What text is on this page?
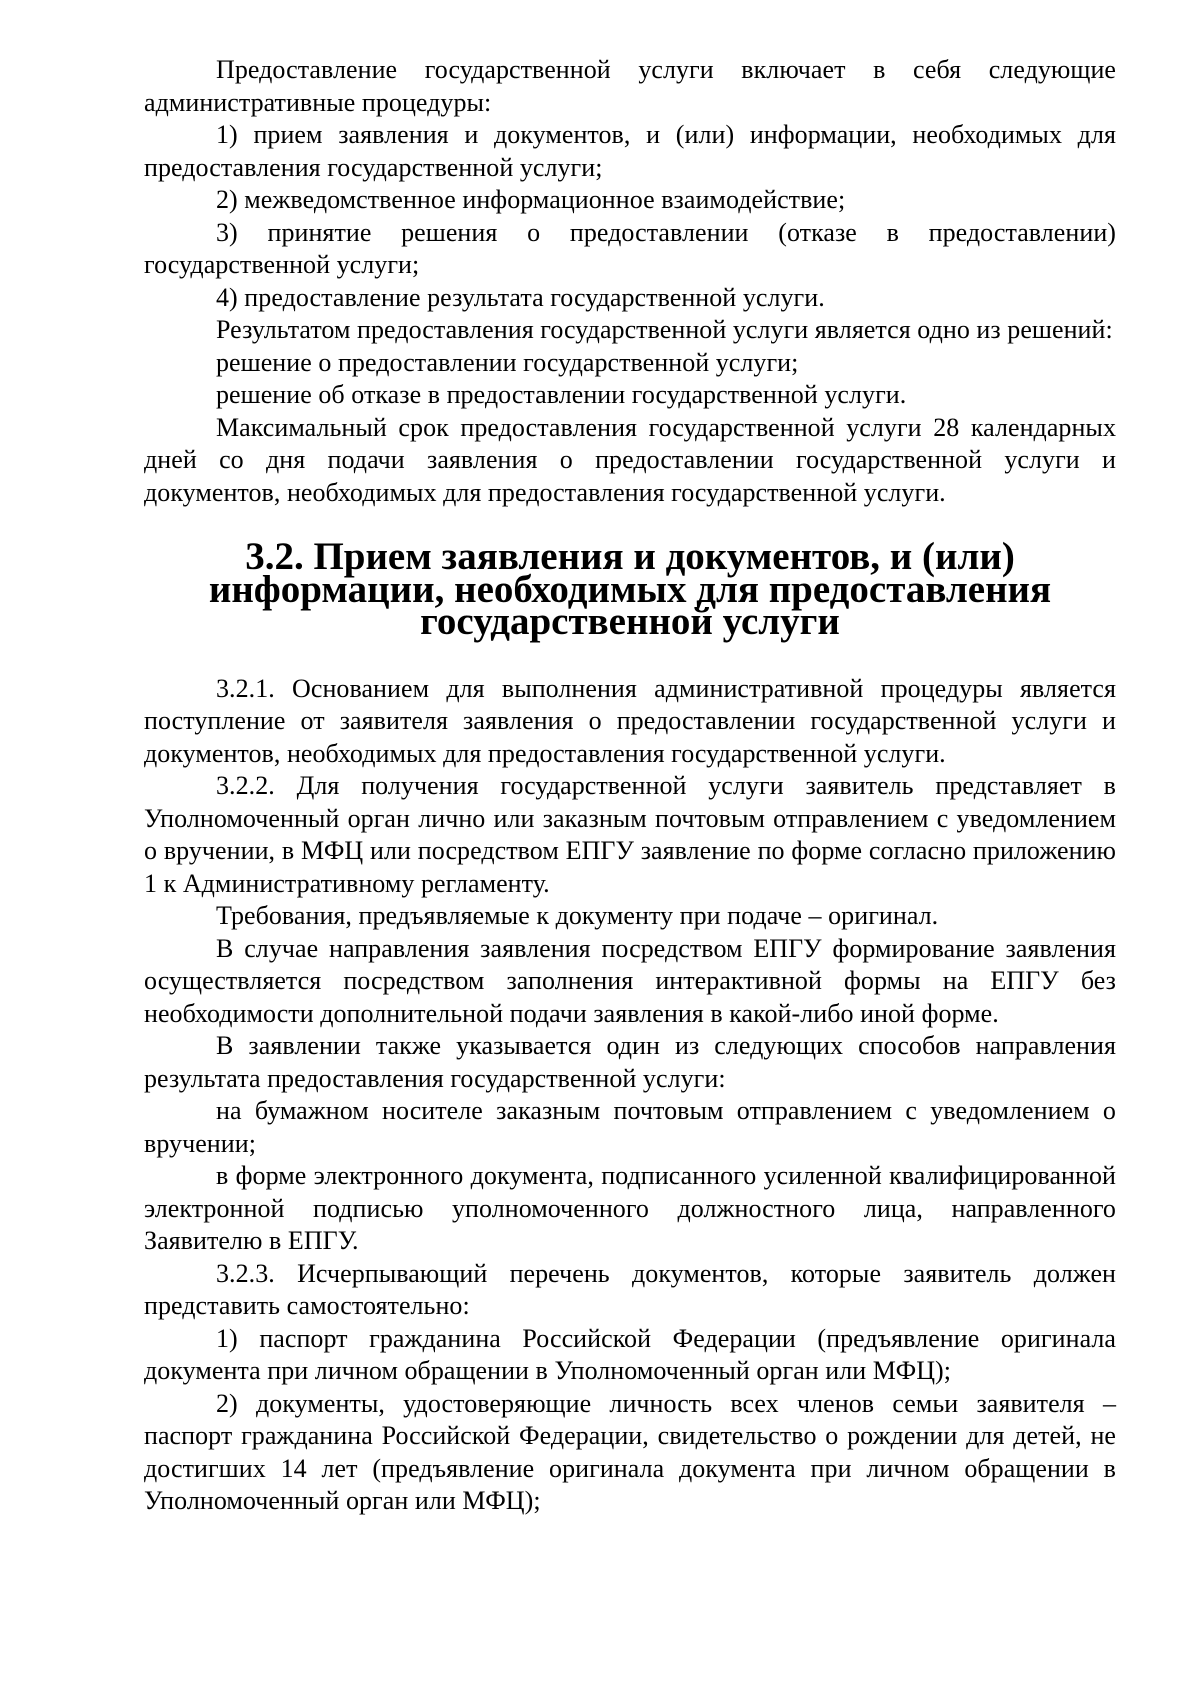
Предоставление государственной услуги включает в себя следующие административные процедуры:

1) прием заявления и документов, и (или) информации, необходимых для предоставления государственной услуги;

2) межведомственное информационное взаимодействие;

3) принятие решения о предоставлении (отказе в предоставлении) государственной услуги;

4) предоставление результата государственной услуги.

Результатом предоставления государственной услуги является одно из решений:

решение о предоставлении государственной услуги;

решение об отказе в предоставлении государственной услуги.

Максимальный срок предоставления государственной услуги 28 календарных дней со дня подачи заявления о предоставлении государственной услуги и документов, необходимых для предоставления государственной услуги.

3.2. Прием заявления и документов, и (или) информации, необходимых для предоставления государственной услуги

3.2.1. Основанием для выполнения административной процедуры является поступление от заявителя заявления о предоставлении государственной услуги и документов, необходимых для предоставления государственной услуги.

3.2.2. Для получения государственной услуги заявитель представляет в Уполномоченный орган лично или заказным почтовым отправлением с уведомлением о вручении, в МФЦ или посредством ЕПГУ заявление по форме согласно приложению 1 к Административному регламенту.

Требования, предъявляемые к документу при подаче – оригинал.

В случае направления заявления посредством ЕПГУ формирование заявления осуществляется посредством заполнения интерактивной формы на ЕПГУ без необходимости дополнительной подачи заявления в какой-либо иной форме.

В заявлении также указывается один из следующих способов направления результата предоставления государственной услуги:

на бумажном носителе заказным почтовым отправлением с уведомлением о вручении;

в форме электронного документа, подписанного усиленной квалифицированной электронной подписью уполномоченного должностного лица, направленного Заявителю в ЕПГУ.

3.2.3. Исчерпывающий перечень документов, которые заявитель должен представить самостоятельно:

1) паспорт гражданина Российской Федерации (предъявление оригинала документа при личном обращении в Уполномоченный орган или МФЦ);

2) документы, удостоверяющие личность всех членов семьи заявителя – паспорт гражданина Российской Федерации, свидетельство о рождении для детей, не достигших 14 лет (предъявление оригинала документа при личном обращении в Уполномоченный орган или МФЦ);
